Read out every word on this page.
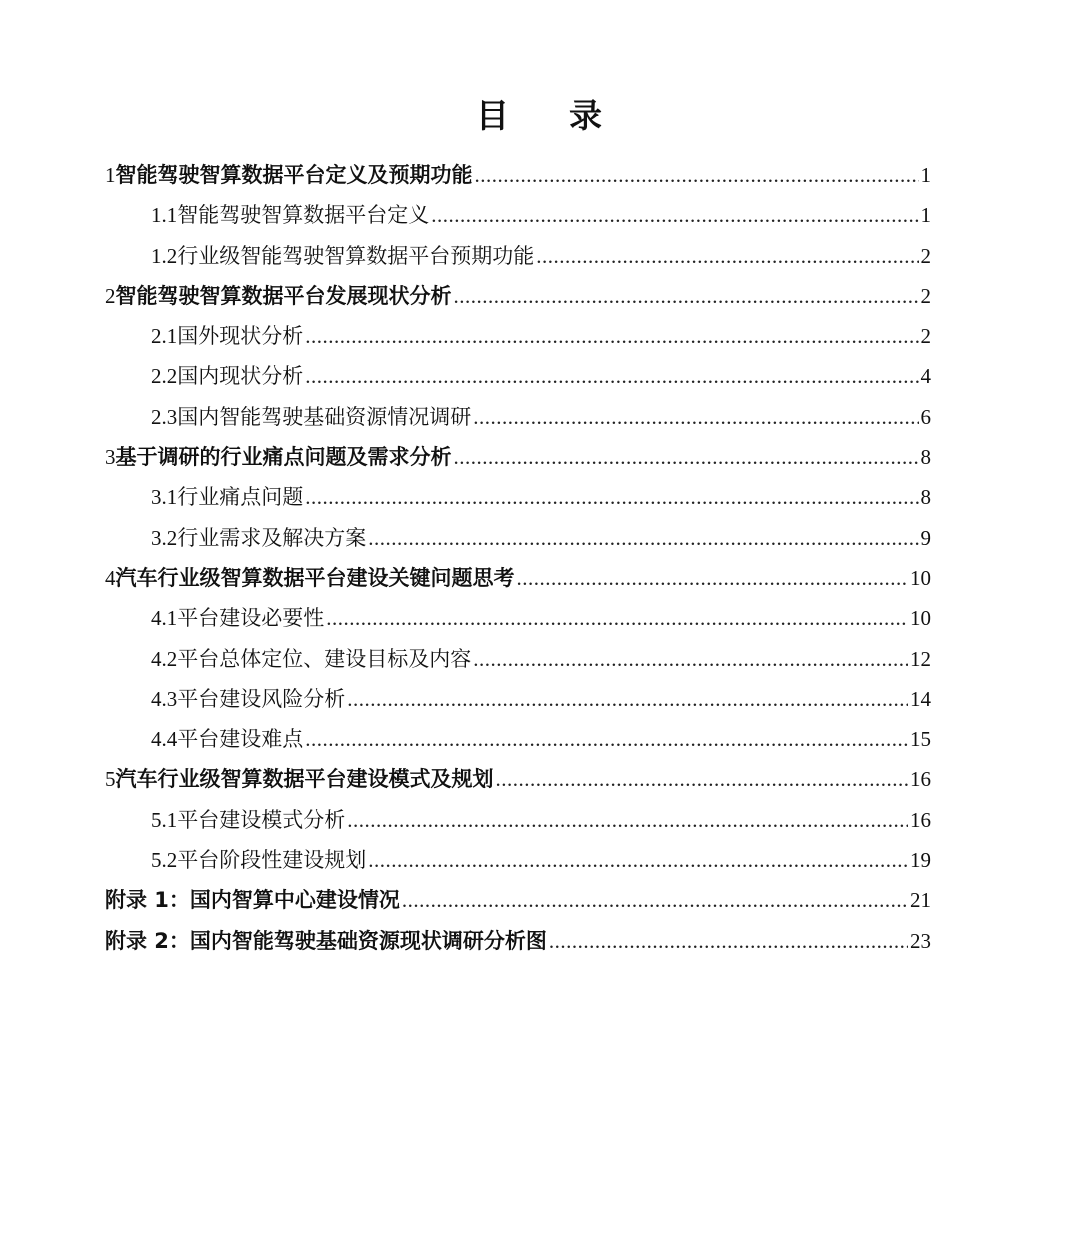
目 录
1 智能驾驶智算数据平台定义及预期功能 .....	1
1.1 智能驾驶智算数据平台定义 .....	1
1.2 行业级智能驾驶智算数据平台预期功能 .....	2
2 智能驾驶智算数据平台发展现状分析 .....	2
2.1 国外现状分析 .....	2
2.2 国内现状分析 .....	4
2.3 国内智能驾驶基础资源情况调研 .....	6
3 基于调研的行业痛点问题及需求分析 .....	8
3.1 行业痛点问题 .....	8
3.2 行业需求及解决方案 .....	9
4 汽车行业级智算数据平台建设关键问题思考 .....	10
4.1 平台建设必要性 .....	10
4.2 平台总体定位、建设目标及内容 .....	12
4.3 平台建设风险分析 .....	14
4.4 平台建设难点 .....	15
5 汽车行业级智算数据平台建设模式及规划 .....	16
5.1 平台建设模式分析 .....	16
5.2 平台阶段性建设规划 .....	19
附录 1：国内智算中心建设情况 .....	21
附录 2：国内智能驾驶基础资源现状调研分析图 .....	23
